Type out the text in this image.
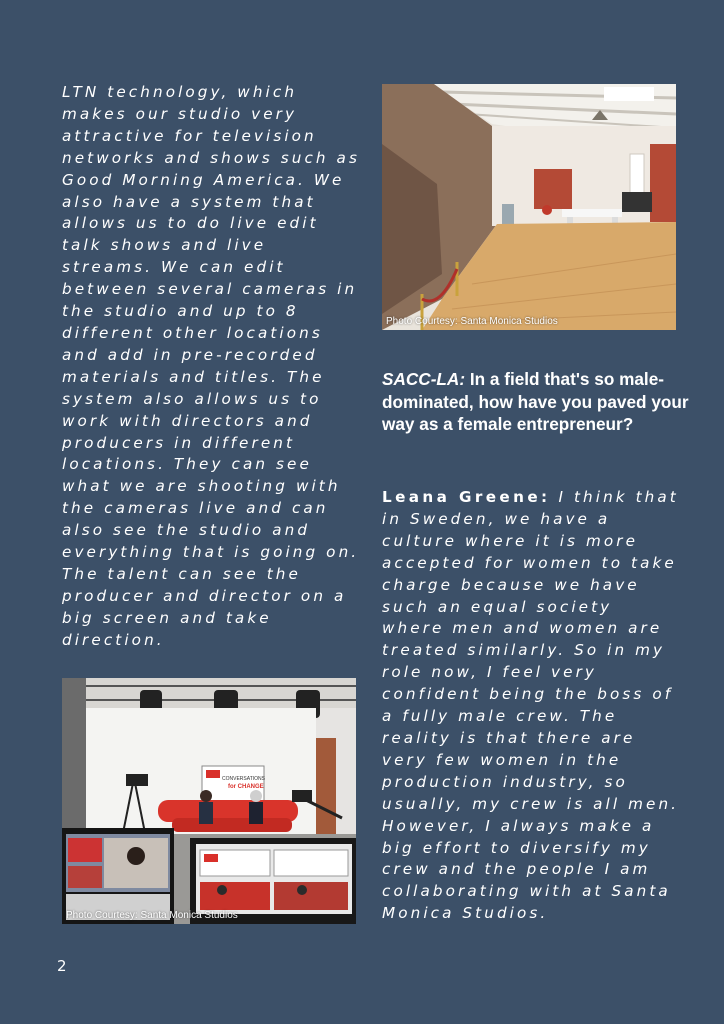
LTN technology, which makes our studio very attractive for television networks and shows such as Good Morning America. We also have a system that allows us to do live edit talk shows and live streams. We can edit between several cameras in the studio and up to 8 different other locations and add in pre-recorded materials and titles. The system also allows us to work with directors and producers in different locations. They can see what we are shooting with the cameras live and can also see the studio and everything that is going on. The talent can see the producer and director on a big screen and take direction.

Photo Courtesy: Santa Monica Studios

SACC-LA: In a field that's so male-dominated, how have you paved your way as a female entrepreneur?

Leana Greene: I think that in Sweden, we have a culture where it is more accepted for women to take charge because we have such an equal society where men and women are treated similarly. So in my role now, I feel very confident being the boss of a fully male crew. The reality is that there are very few women in the production industry, so usually, my crew is all men. However, I always make a big effort to diversify my crew and the people I am collaborating with at Santa Monica Studios.

CONVERSATIONS
for CHANGE
Photo Courtesy: Santa Monica Studios
2
